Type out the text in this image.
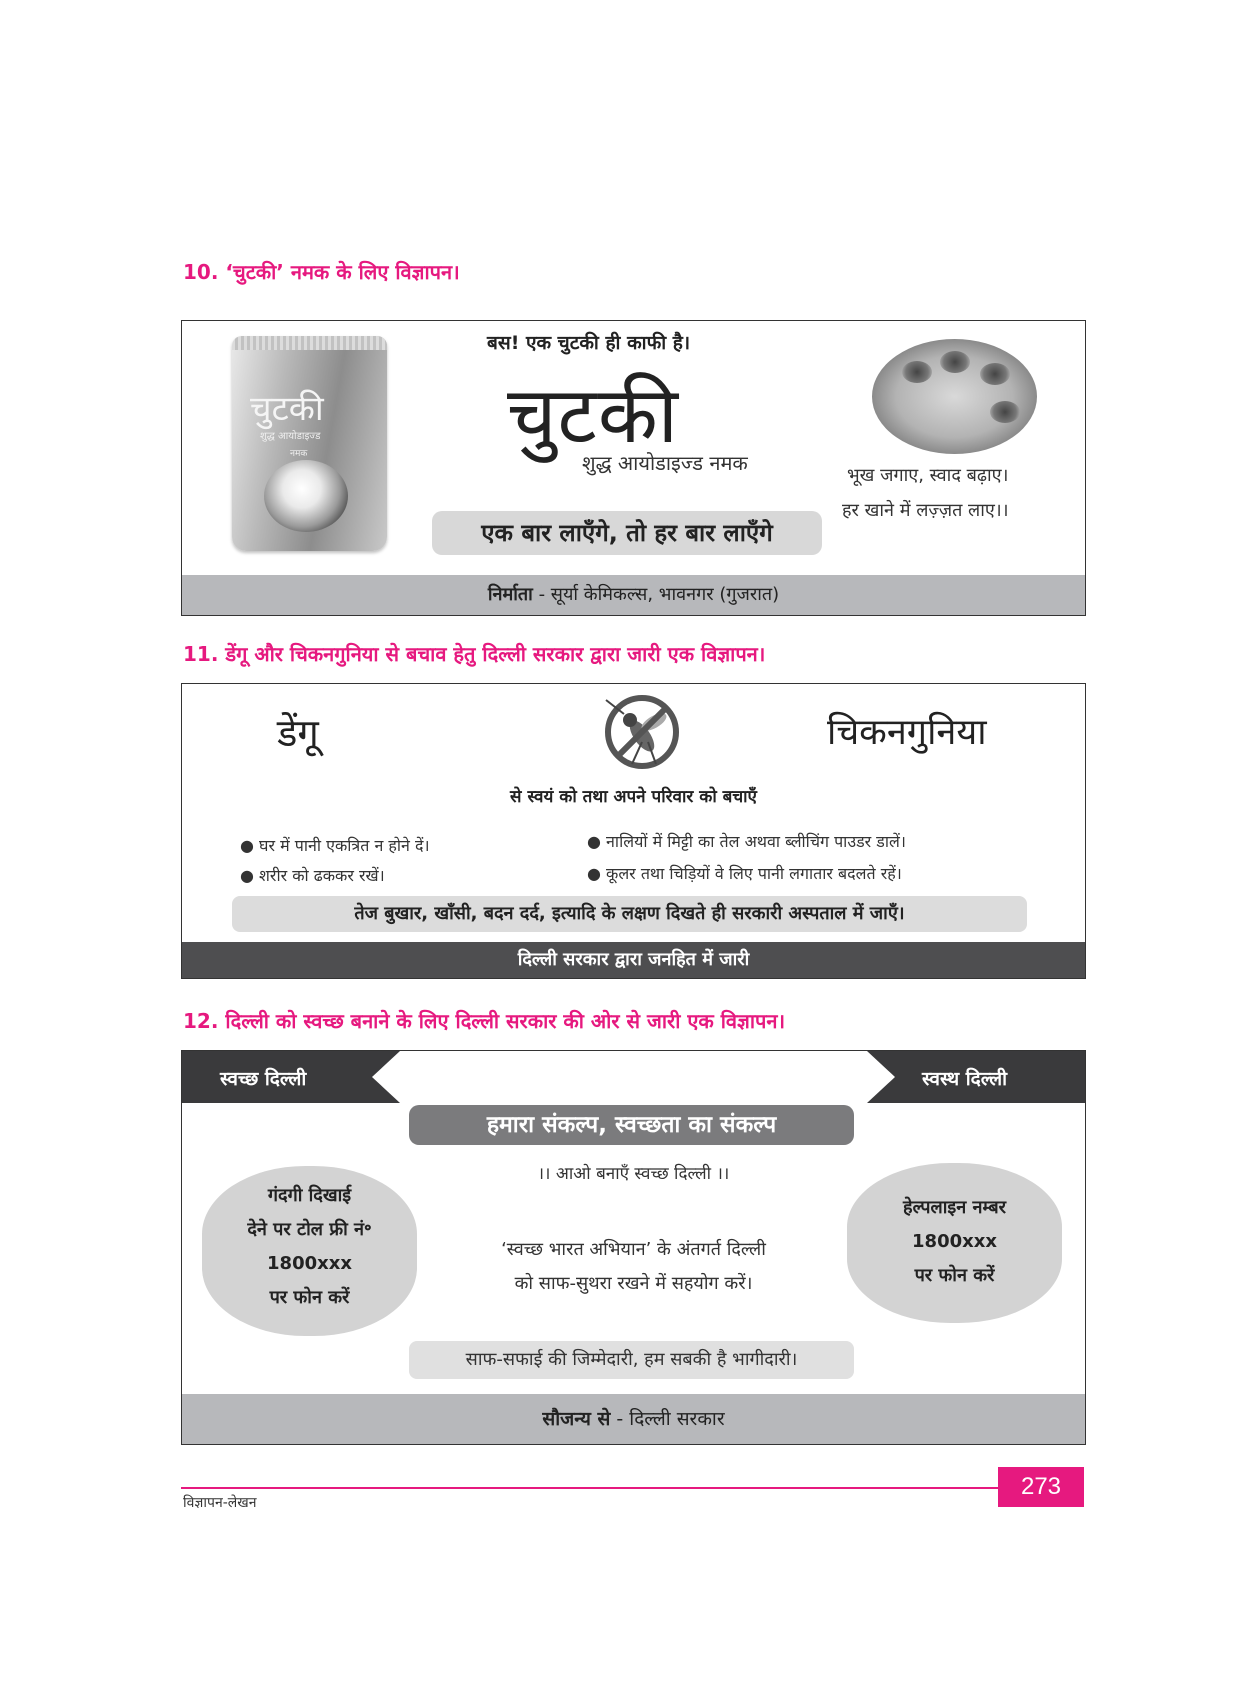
10. ‘चुटकी’ नमक के लिए विज्ञापन।
चुटकी
शुद्ध आयोडाइज्ड
नमक
बस! एक चुटकी ही काफी है।
चुटकी
शुद्ध आयोडाइज्ड नमक
एक बार लाएँगे, तो हर बार लाएँगे
भूख जगाए, स्वाद बढ़ाए।
हर खाने में लज़्ज़त लाए।।
निर्माता - सूर्या केमिकल्स, भावनगर (गुजरात)
11. डेंगू और चिकनगुनिया से बचाव हेतु दिल्ली सरकार द्वारा जारी एक विज्ञापन।
डेंगू	चिकनगुनिया
से स्वयं को तथा अपने परिवार को बचाएँ
● घर में पानी एकत्रित न होने दें।
● शरीर को ढककर रखें।
● नालियों में मिट्टी का तेल अथवा ब्लीचिंग पाउडर डालें।
● कूलर तथा चिड़ियों वे लिए पानी लगातार बदलते रहें।
तेज बुखार, खाँसी, बदन दर्द, इत्यादि के लक्षण दिखते ही सरकारी अस्पताल में जाएँ।
दिल्ली सरकार द्वारा जनहित में जारी
12. दिल्ली को स्वच्छ बनाने के लिए दिल्ली सरकार की ओर से जारी एक विज्ञापन।
स्वच्छ दिल्ली	स्वस्थ दिल्ली
हमारा संकल्प, स्वच्छता का संकल्प
।। आओ बनाएँ स्वच्छ दिल्ली ।।
‘स्वच्छ भारत अभियान’ के अंतगर्त दिल्ली
को साफ-सुथरा रखने में सहयोग करें।
गंदगी दिखाई
देने पर टोल फ्री नं॰
1800xxx
पर फोन करें
हेल्पलाइन नम्बर
1800xxx
पर फोन करें
साफ-सफाई की जिम्मेदारी, हम सबकी है भागीदारी।
सौजन्य से - दिल्ली सरकार
विज्ञापन-लेखन
273
